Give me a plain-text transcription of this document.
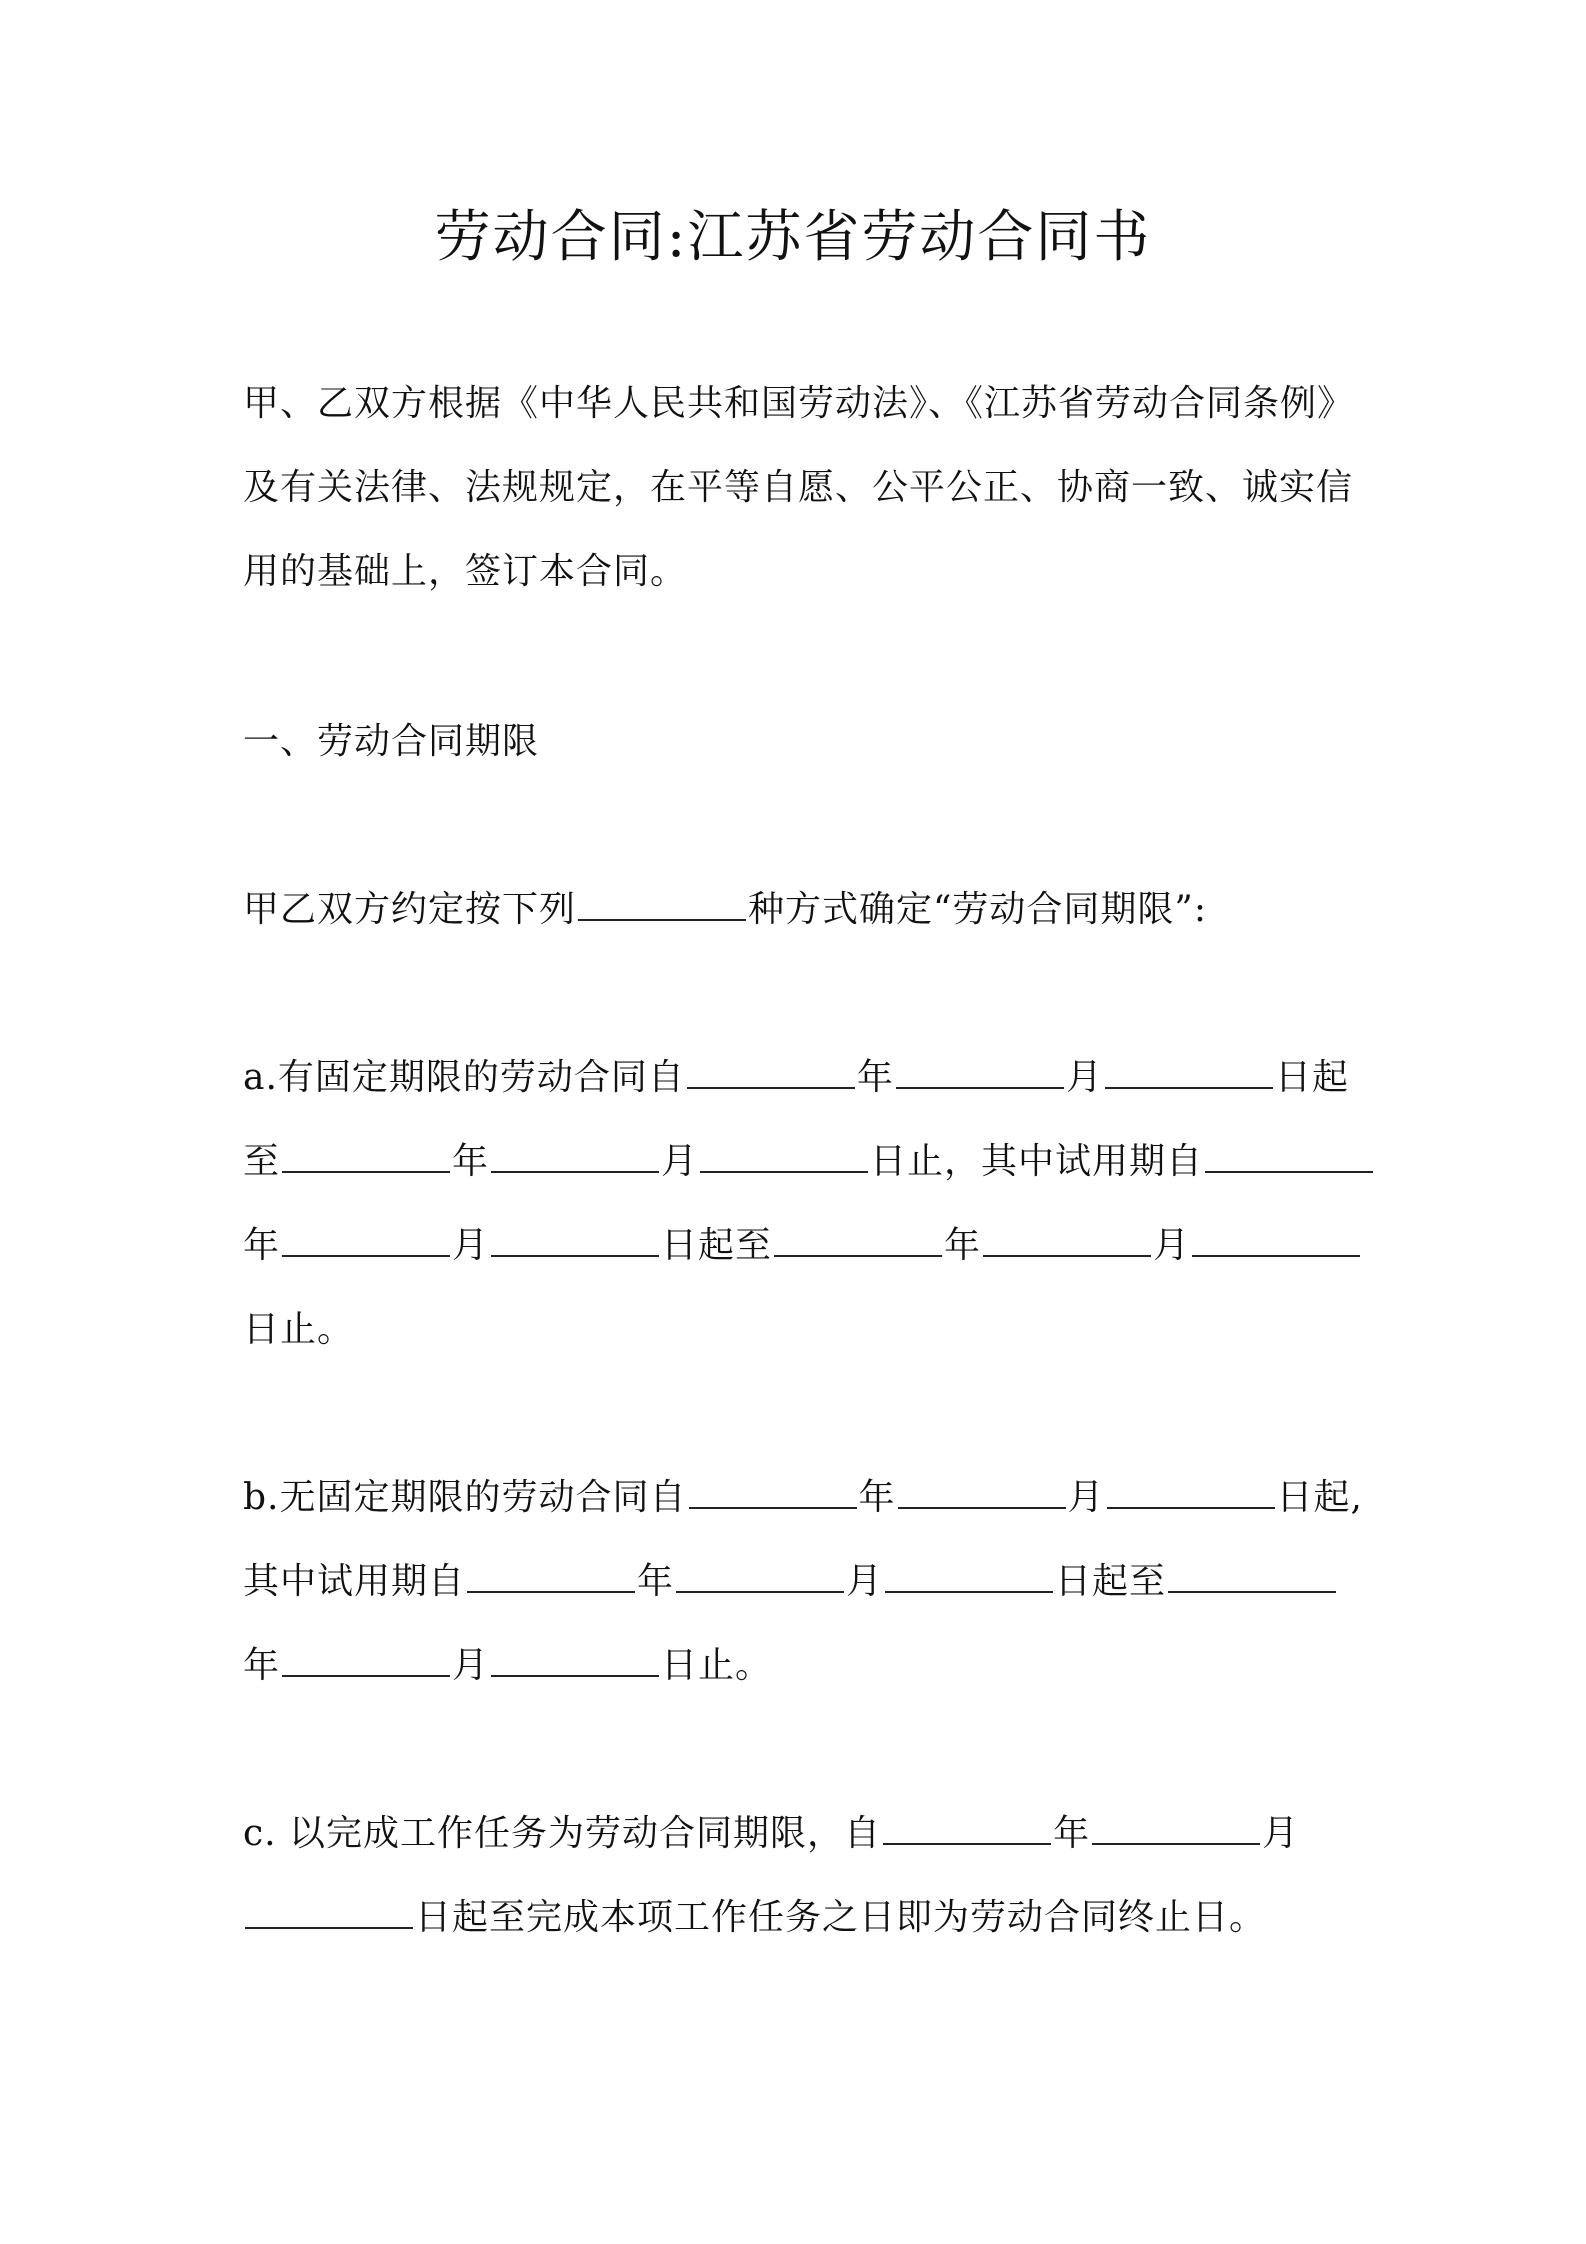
劳动合同:江苏省劳动合同书
甲、乙双方根据《中华人民共和国劳动法》、《江苏省劳动合同条例》
及有关法律、法规规定，在平等自愿、公平公正、协商一致、诚实信
用的基础上，签订本合同。
一、劳动合同期限
甲乙双方约定按下列	种方式确定“劳动合同期限”:
a.有固定期限的劳动合同自	年	月	日起
至	年	月	日止，其中试用期自
年	月	日起至	年	月
日止。
b.无固定期限的劳动合同自	年	月	日起,
其中试用期自	年	月	日起至
年	月	日止。
c. 以完成工作任务为劳动合同期限，自	年	月
日起至完成本项工作任务之日即为劳动合同终止日。
